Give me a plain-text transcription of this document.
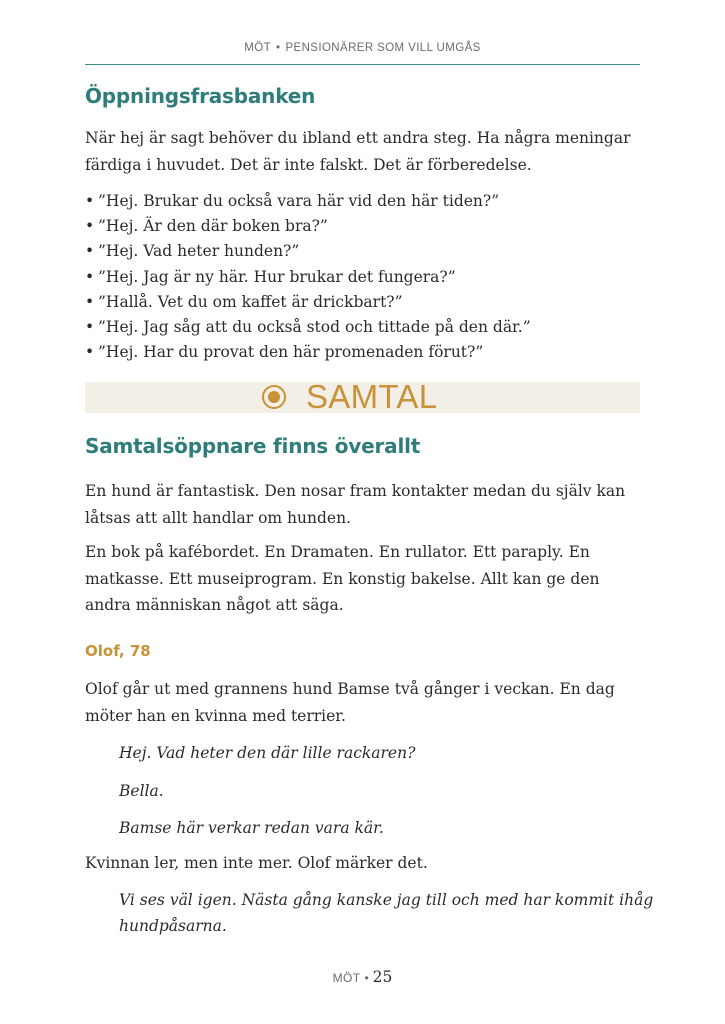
MÖT • PENSIONÄRER SOM VILL UMGÅS
Öppningsfrasbanken

När hej är sagt behöver du ibland ett andra steg. Ha några meningar färdiga i huvudet. Det är inte falskt. Det är förberedelse.

• ”Hej. Brukar du också vara här vid den här tiden?”
• ”Hej. Är den där boken bra?”
• ”Hej. Vad heter hunden?”
• ”Hej. Jag är ny här. Hur brukar det fungera?”
• ”Hallå. Vet du om kaffet är drickbart?”
• ”Hej. Jag såg att du också stod och tittade på den där.”
• ”Hej. Har du provat den här promenaden förut?”
SAMTAL
Samtalsöppnare finns överallt

En hund är fantastisk. Den nosar fram kontakter medan du själv kan låtsas att allt handlar om hunden.

En bok på kafébordet. En Dramaten. En rullator. Ett paraply. En matkasse. Ett museiprogram. En konstig bakelse. Allt kan ge den andra människan något att säga.

Olof, 78

Olof går ut med grannens hund Bamse två gånger i veckan. En dag möter han en kvinna med terrier.

Hej. Vad heter den där lille rackaren?

Bella.

Bamse här verkar redan vara kär.

Kvinnan ler, men inte mer. Olof märker det.

Vi ses väl igen. Nästa gång kanske jag till och med har kommit ihåg hundpåsarna.

MÖT • 25
